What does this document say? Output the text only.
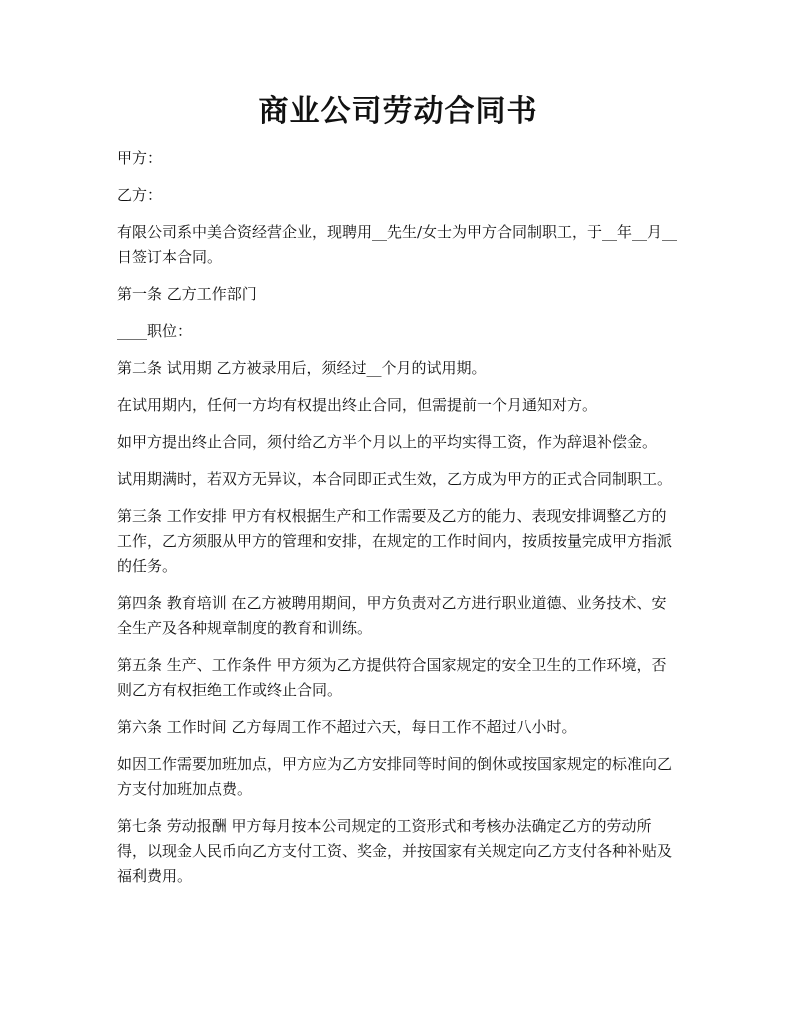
商业公司劳动合同书

甲方：

乙方：

有限公司系中美合资经营企业，现聘用__先生/女士为甲方合同制职工，于__年__月__日签订本合同。

第一条 乙方工作部门

____职位：

第二条 试用期 乙方被录用后，须经过__个月的试用期。

在试用期内，任何一方均有权提出终止合同，但需提前一个月通知对方。

如甲方提出终止合同，须付给乙方半个月以上的平均实得工资，作为辞退补偿金。

试用期满时，若双方无异议，本合同即正式生效，乙方成为甲方的正式合同制职工。

第三条 工作安排 甲方有权根据生产和工作需要及乙方的能力、表现安排调整乙方的工作，乙方须服从甲方的管理和安排，在规定的工作时间内，按质按量完成甲方指派的任务。

第四条 教育培训 在乙方被聘用期间，甲方负责对乙方进行职业道德、业务技术、安全生产及各种规章制度的教育和训练。

第五条 生产、工作条件 甲方须为乙方提供符合国家规定的安全卫生的工作环境，否则乙方有权拒绝工作或终止合同。

第六条 工作时间 乙方每周工作不超过六天，每日工作不超过八小时。

如因工作需要加班加点，甲方应为乙方安排同等时间的倒休或按国家规定的标准向乙方支付加班加点费。

第七条 劳动报酬 甲方每月按本公司规定的工资形式和考核办法确定乙方的劳动所得，以现金人民币向乙方支付工资、奖金，并按国家有关规定向乙方支付各种补贴及福利费用。
